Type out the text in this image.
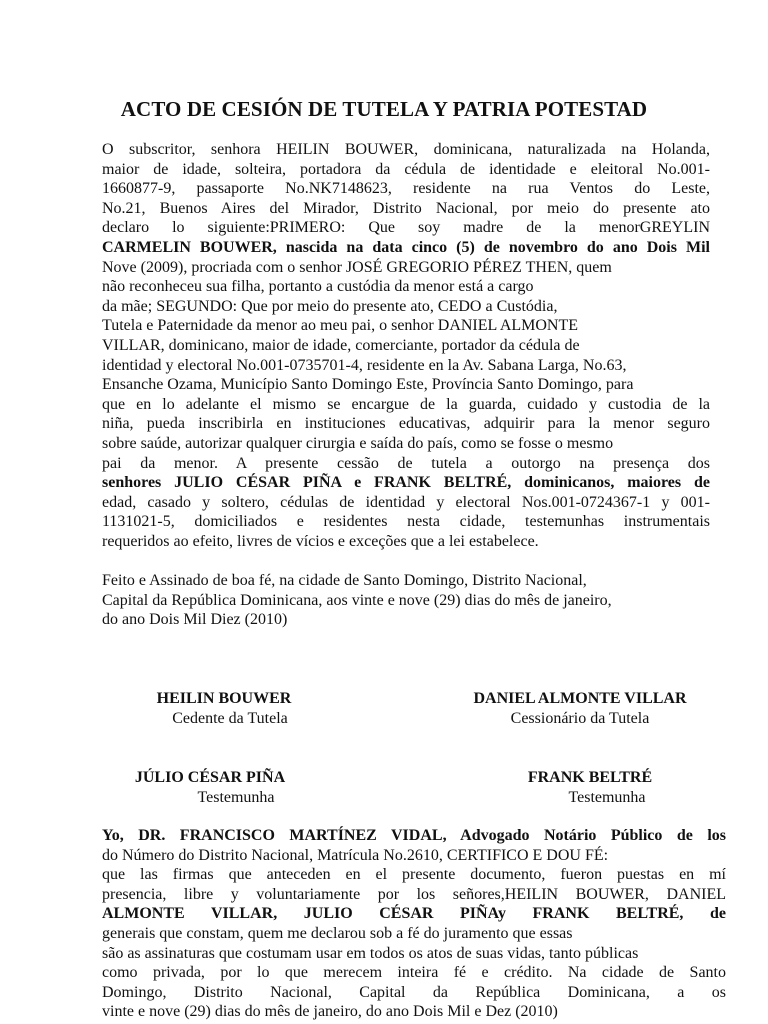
ACTO DE CESIÓN DE TUTELA Y PATRIA POTESTAD
O subscritor, senhora HEILIN BOUWER, dominicana, naturalizada na Holanda,
maior de idade, solteira, portadora da cédula de identidade e eleitoral No.001-
1660877-9, passaporte No.NK7148623, residente na rua Ventos do Leste,
No.21, Buenos Aires del Mirador, Distrito Nacional, por meio do presente ato
declaro lo siguiente:PRIMERO: Que soy madre de la menorGREYLIN
CARMELIN BOUWER, nascida na data cinco (5) de novembro do ano Dois Mil
Nove (2009), procriada com o senhor JOSÉ GREGORIO PÉREZ THEN, quem
não reconheceu sua filha, portanto a custódia da menor está a cargo
da mãe; SEGUNDO: Que por meio do presente ato, CEDO a Custódia,
Tutela e Paternidade da menor ao meu pai, o senhor DANIEL ALMONTE
VILLAR, dominicano, maior de idade, comerciante, portador da cédula de
identidad y electoral No.001-0735701-4, residente en la Av. Sabana Larga, No.63,
Ensanche Ozama, Município Santo Domingo Este, Província Santo Domingo, para
que en lo adelante el mismo se encargue de la guarda, cuidado y custodia de la
niña, pueda inscribirla en instituciones educativas, adquirir para la menor seguro
sobre saúde, autorizar qualquer cirurgia e saída do país, como se fosse o mesmo
pai da menor. A presente cessão de tutela a outorgo na presença dos
senhores JULIO CÉSAR PIÑA e FRANK BELTRÉ, dominicanos, maiores de
edad, casado y soltero, cédulas de identidad y electoral Nos.001-0724367-1 y 001-
1131021-5, domiciliados e residentes nesta cidade, testemunhas instrumentais
requeridos ao efeito, livres de vícios e exceções que a lei estabelece.
Feito e Assinado de boa fé, na cidade de Santo Domingo, Distrito Nacional,
Capital da República Dominicana, aos vinte e nove (29) dias do mês de janeiro,
do ano Dois Mil Diez (2010)
HEILIN BOUWER
Cedente da Tutela
DANIEL ALMONTE VILLAR
Cessionário da Tutela
JÚLIO CÉSAR PIÑA
Testemunha
FRANK BELTRÉ
Testemunha
Yo, DR. FRANCISCO MARTÍNEZ VIDAL, Advogado Notário Público de los
do Número do Distrito Nacional, Matrícula No.2610, CERTIFICO E DOU FÉ:
que las firmas que anteceden en el presente documento, fueron puestas en mí
presencia, libre y voluntariamente por los señores,HEILIN BOUWER, DANIEL
ALMONTE VILLAR, JULIO CÉSAR PIÑAy FRANK BELTRÉ, de
generais que constam, quem me declarou sob a fé do juramento que essas
são as assinaturas que costumam usar em todos os atos de suas vidas, tanto públicas
como privada, por lo que merecem inteira fé e crédito. Na cidade de Santo
Domingo, Distrito Nacional, Capital da República Dominicana, a os
vinte e nove (29) dias do mês de janeiro, do ano Dois Mil e Dez (2010)
